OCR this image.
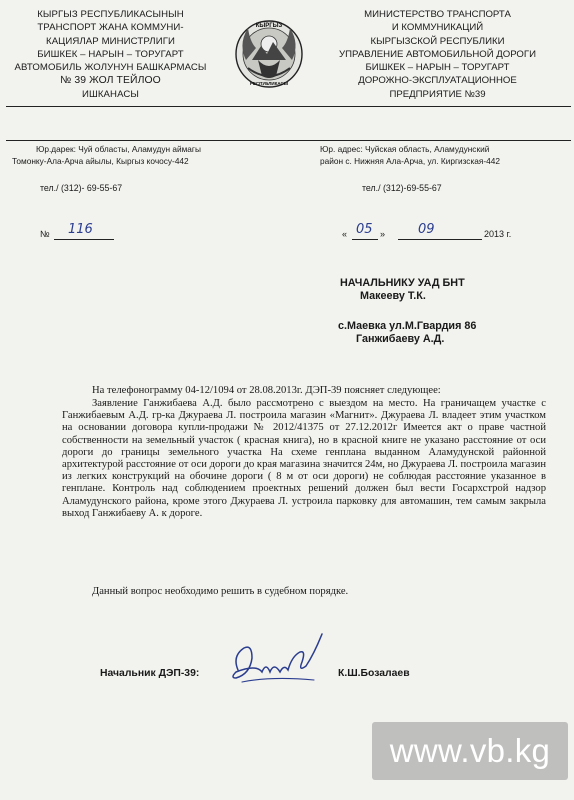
КЫРГЫЗ РЕСПУБЛИКАСЫНЫН
ТРАНСПОРТ ЖАНА КОММУНИ-
КАЦИЯЛАР МИНИСТРЛИГИ
БИШКЕК – НАРЫН – ТОРУГАРТ
АВТОМОБИЛЬ ЖОЛУНУН БАШКАРМАСЫ
№ 39 ЖОЛ ТЕЙЛОО
ИШКАНАСЫ
КЫРГЫЗ
РЕСПУБЛИКАСЫ
МИНИСТЕРСТВО ТРАНСПОРТА
И КОММУНИКАЦИЙ
КЫРГЫЗСКОЙ РЕСПУБЛИКИ
УПРАВЛЕНИЕ АВТОМОБИЛЬНОЙ ДОРОГИ
БИШКЕК – НАРЫН – ТОРУГАРТ
ДОРОЖНО-ЭКСПЛУАТАЦИОННОЕ
ПРЕДПРИЯТИЕ №39
Юр.дарек: Чуй областы, Аламудун аймагы
Томонку-Ала-Арча айылы, Кыргыз кочосу-442
Юр. адрес: Чуйская область, Аламудунский
район с. Нижняя Ала-Арча, ул. Киргизская-442
тел./ (312)- 69-55-67	тел./ (312)-69-55-67
№ 116	« 05 »	09	2013 г.
НАЧАЛЬНИКУ УАД БНТ
Макееву Т.К.
с.Маевка ул.М.Гвардия 86
Ганжибаеву А.Д.

На телефонограмму 04-12/1094 от 28.08.2013г. ДЭП-39 поясняет следующее:

Заявление Ганжибаева А.Д. было рассмотрено с выездом на место. На граничащем участке с Ганжибаевым А.Д. гр-ка Джураева Л. построила магазин «Магнит». Джураева Л. владеет этим участком на основании договора купли-продажи № 2012/41375 от 27.12.2012г Имеется акт о праве частной собственности на земельный участок ( красная книга), но в красной книге не указано расстояние от оси дороги до границы земельного участка На схеме генплана выданном Аламудунской районной архитектурой расстояние от оси дороги до края магазина значится 24м, но Джураева Л. построила магазин из легких конструкций на обочине дороги ( 8 м от оси дороги) не соблюдая расстояние указанное в генплане. Контроль над соблюдением проектных решений должен был вести Госархстрой надзор Аламудунского района, кроме этого Джураева Л. устроила парковку для автомашин, тем самым закрыла выход Ганжибаеву А. к дороге.

Данный вопрос необходимо решить в судебном порядке.

Начальник ДЭП-39:	К.Ш.Бозалаев
www.vb.kg
